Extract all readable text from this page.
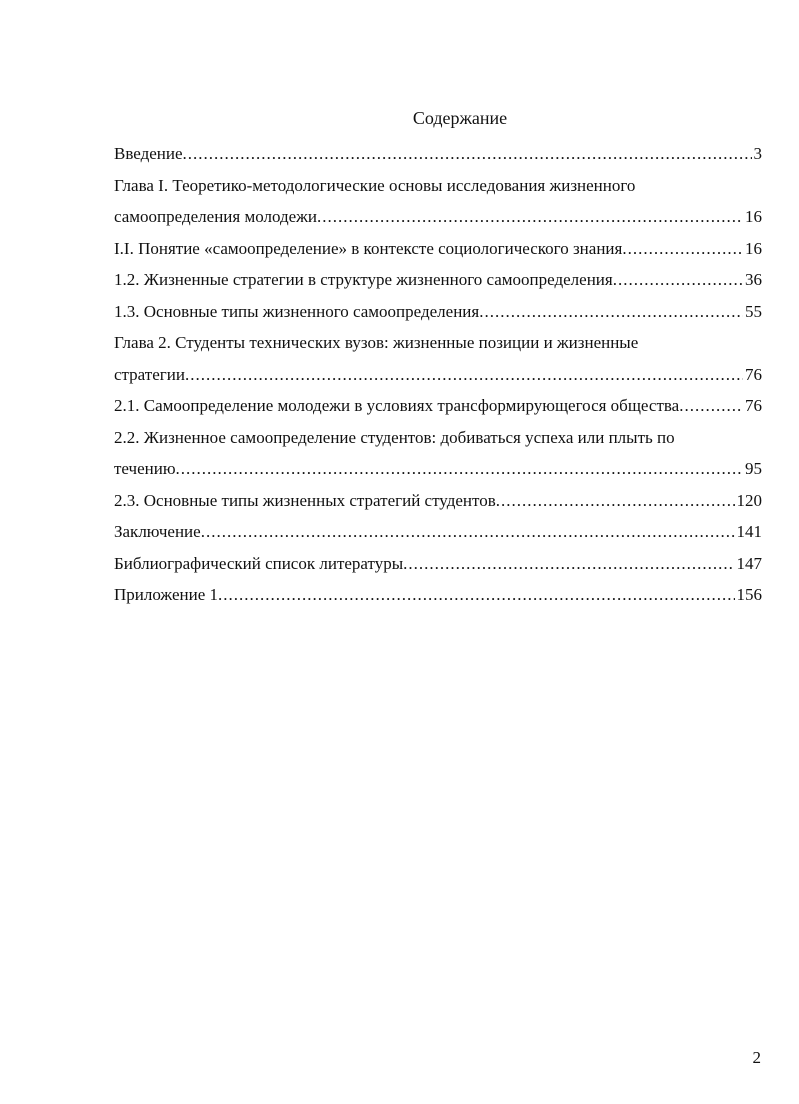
Содержание
Введение .....	3
Глава I. Теоретико-методологические основы исследования жизненного
самоопределения молодежи .....	16
I.I. Понятие «самоопределение» в контексте социологического знания .....	16
1.2. Жизненные стратегии в структуре жизненного самоопределения .....	36
1.3. Основные типы жизненного самоопределения .....	55
Глава 2. Студенты технических вузов: жизненные позиции и жизненные
стратегии .....	76
2.1. Самоопределение молодежи в условиях трансформирующегося общества .....	76
2.2. Жизненное самоопределение студентов: добиваться успеха или плыть по
течению .....	95
2.3. Основные типы жизненных стратегий студентов .....	120
Заключение .....	141
Библиографический список литературы .....	147
Приложение 1 .....	156
2
